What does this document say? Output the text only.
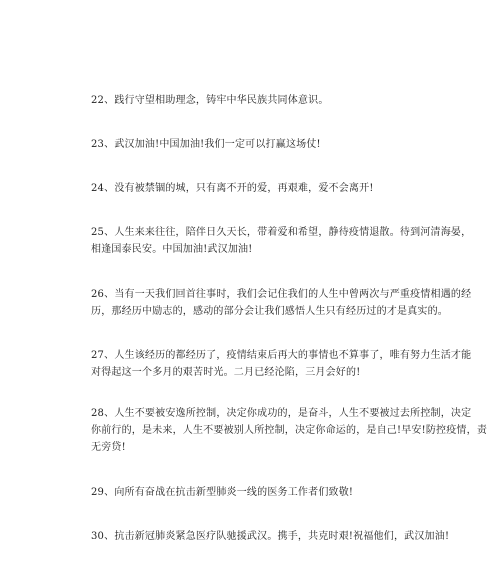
22、践行守望相助理念，铸牢中华民族共同体意识。

23、武汉加油!中国加油!我们一定可以打赢这场仗!

24、没有被禁锢的城，只有离不开的爱，再艰难，爱不会离开!

25、人生来来往往，陪伴日久天长，带着爱和希望，静待疫情退散。待到河清海晏，
相逢国泰民安。中国加油!武汉加油!

26、当有一天我们回首往事时，我们会记住我们的人生中曾两次与严重疫情相遇的经
历，那经历中励志的，感动的部分会让我们感悟人生只有经历过的才是真实的。

27、人生该经历的都经历了，疫情结束后再大的事情也不算事了，唯有努力生活才能
对得起这一个多月的艰苦时光。二月已经沦陷，三月会好的!

28、人生不要被安逸所控制，决定你成功的，是奋斗，人生不要被过去所控制，决定
你前行的，是未来，人生不要被别人所控制，决定你命运的，是自己!早安!防控疫情，责
无旁贷!

29、向所有奋战在抗击新型肺炎一线的医务工作者们致敬!

30、抗击新冠肺炎紧急医疗队驰援武汉。携手，共克时艰!祝福他们，武汉加油!
